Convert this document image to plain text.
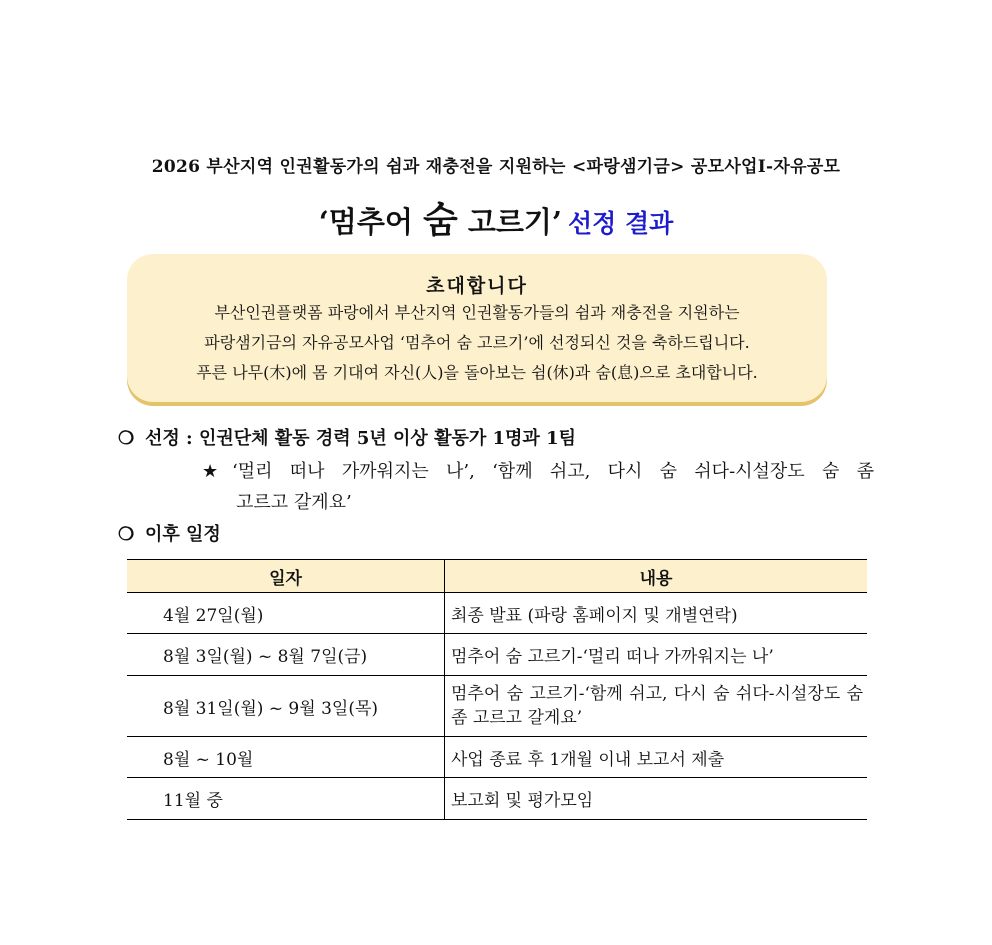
2026 부산지역 인권활동가의 쉼과 재충전을 지원하는 <파랑샘기금> 공모사업Ⅰ-자유공모
‘멈추어 숨 고르기’ 선정 결과
초대합니다
부산인권플랫폼 파랑에서 부산지역 인권활동가들의 쉼과 재충전을 지원하는
파랑샘기금의 자유공모사업 ‘멈추어 숨 고르기’에 선정되신 것을 축하드립니다.
푸른 나무(木)에 몸 기대여 자신(人)을 돌아보는 쉼(休)과 숨(息)으로 초대합니다.
❍ 선정 : 인권단체 활동 경력 5년 이상 활동가 1명과 1팀
★ ‘멀리 떠나 가까워지는 나’, ‘함께 쉬고, 다시 숨 쉬다-시설장도 숨 좀
고르고 갈게요’
❍ 이후 일정
일자	내용
4월 27일(월)	최종 발표 (파랑 홈페이지 및 개별연락)
8월 3일(월) ~ 8월 7일(금)	멈추어 숨 고르기-‘멀리 떠나 가까워지는 나’
8월 31일(월) ~ 9월 3일(목)	멈추어 숨 고르기-‘함께 쉬고, 다시 숨 쉬다-시설장도 숨 좀 고르고 갈게요’
8월 ~ 10월	사업 종료 후 1개월 이내 보고서 제출
11월 중	보고회 및 평가모임
